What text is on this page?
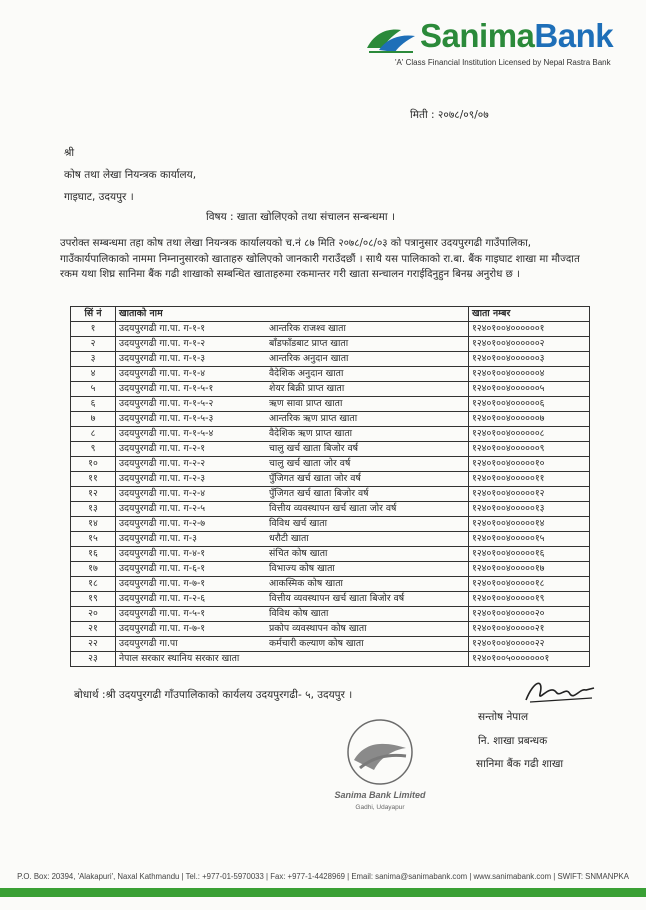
SanimaBank
'A' Class Financial Institution Licensed by Nepal Rastra Bank
मिती : २०७८/०९/०७
श्री
कोष तथा लेखा नियन्त्रक कार्यालय,
गाइघाट, उदयपुर ।
विषय : खाता खोलिएको तथा संचालन सन्बन्धमा ।
उपरोक्त सम्बन्धमा तहा कोष तथा लेखा नियन्त्रक कार्यालयको च.नं ८७ मिति २०७८/०८/०३ को पत्रानुसार उदयपुरगढी गाउँपालिका, गाउँकार्यपालिकाको नाममा निम्नानुसारको खाताहरु खोलिएको जानकारी गराउँदछौं । साथै यस पालिकाको रा.बा. बैंक गाइघाट शाखा मा मौज्दात रकम यथा शिघ्र सानिमा बैंक गढी शाखाको सम्बन्धित खाताहरुमा रकमान्तर गरी खाता सन्चालन गराईदिनुहुन बिनम्र अनुरोध छ ।
सिं नं	खाताको नाम	खाता नम्बर
१	उदयपुरगढी गा.पा. ग-१-१ आन्तरिक राजश्व खाता	१२४०१००४००००००१
२	उदयपुरगढी गा.पा. ग-१-२ बाँडफाँडबाट प्राप्त खाता	१२४०१००४००००००२
३	उदयपुरगढी गा.पा. ग-१-३ आन्तरिक अनुदान खाता	१२४०१००४००००००३
४	उदयपुरगढी गा.पा. ग-१-४ वैदेशिक अनुदान खाता	१२४०१००४००००००४
५	उदयपुरगढी गा.पा. ग-१-५-१ शेयर बिक्री प्राप्त खाता	१२४०१००४००००००५
६	उदयपुरगढी गा.पा. ग-१-५-२ ऋण सावा प्राप्त खाता	१२४०१००४००००००६
७	उदयपुरगढी गा.पा. ग-१-५-३ आन्तरिक ऋण प्राप्त खाता	१२४०१००४००००००७
८	उदयपुरगढी गा.पा. ग-१-५-४ वैदेशिक ऋण प्राप्त खाता	१२४०१००४००००००८
९	उदयपुरगढी गा.पा. ग-२-१ चालु खर्च खाता बिजोर वर्ष	१२४०१००४००००००९
१०	उदयपुरगढी गा.पा. ग-२-२ चालु खर्च खाता जोर वर्ष	१२४०१००४०००००१०
११	उदयपुरगढी गा.पा. ग-२-३ पुँजिगत खर्च खाता जोर वर्ष	१२४०१००४०००००११
१२	उदयपुरगढी गा.पा. ग-२-४ पुँजिगत खर्च खाता बिजोर वर्ष	१२४०१००४०००००१२
१३	उदयपुरगढी गा.पा. ग-२-५ वित्तीय व्यवस्थापन खर्च खाता जोर वर्ष	१२४०१००४०००००१३
१४	उदयपुरगढी गा.पा. ग-२-७ विविध खर्च खाता	१२४०१००४०००००१४
१५	उदयपुरगढी गा.पा. ग-३ धरौटी खाता	१२४०१००४०००००१५
१६	उदयपुरगढी गा.पा. ग-४-१ संचित कोष खाता	१२४०१००४०००००१६
१७	उदयपुरगढी गा.पा. ग-६-१ विभाज्य कोष खाता	१२४०१००४०००००१७
१८	उदयपुरगढी गा.पा. ग-७-१ आकस्मिक कोष खाता	१२४०१००४०००००१८
१९	उदयपुरगढी गा.पा. ग-२-६ वित्तीय व्यवस्थापन खर्च खाता बिजोर वर्ष	१२४०१००४०००००१९
२०	उदयपुरगढी गा.पा. ग-५-१ विविध कोष खाता	१२४०१००४०००००२०
२१	उदयपुरगढी गा.पा. ग-७-१ प्रकोप व्यवस्थापन कोष खाता	१२४०१००४०००००२१
२२	उदयपुरगढी गा.पा कर्मचारी कल्याण कोष खाता	१२४०१००४०००००२२
२३	नेपाल सरकार स्थानिय सरकार खाता	१२४०१००५०००००००१
बोधार्थ :श्री उदयपुरगढी गाँउपालिकाको कार्यलय उदयपुरगढी- ५, उदयपुर ।
सन्तोष नेपाल
नि. शाखा प्रबन्धक
सानिमा बैंक गढी शाखा
Sanima Bank Limited
Gadhi, Udayapur
P.O. Box: 20394, 'Alakapuri', Naxal Kathmandu | Tel.: +977-01-5970033 | Fax: +977-1-4428969 | Email: sanima@sanimabank.com | www.sanimabank.com | SWIFT: SNMANPKA
